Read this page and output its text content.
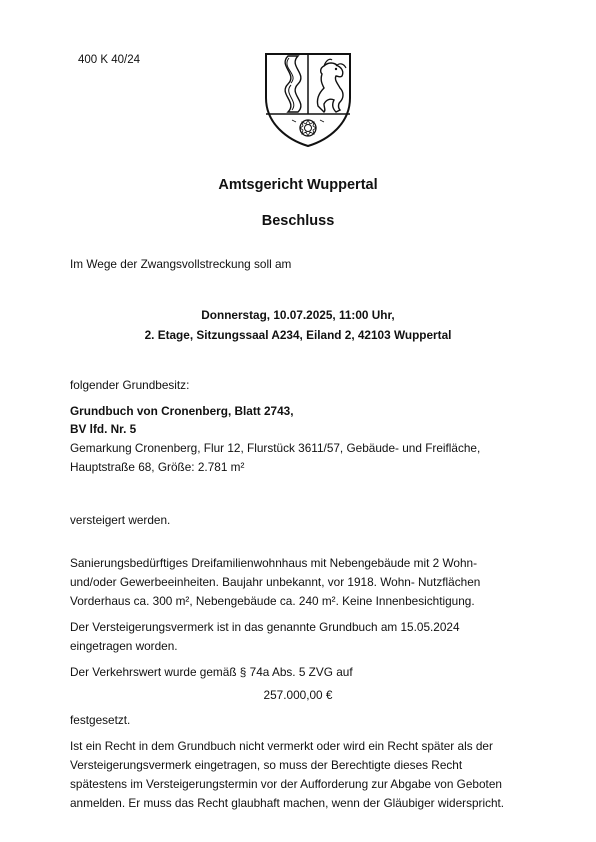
400 K 40/24
Amtsgericht Wuppertal
Beschluss
Im Wege der Zwangsvollstreckung soll am
Donnerstag, 10.07.2025, 11:00 Uhr,
2. Etage, Sitzungssaal A234, Eiland 2, 42103 Wuppertal
folgender Grundbesitz:
Grundbuch von Cronenberg, Blatt 2743,
BV lfd. Nr. 5
Gemarkung Cronenberg, Flur 12, Flurstück 3611/57, Gebäude- und Freifläche,
Hauptstraße 68, Größe: 2.781 m²
versteigert werden.
Sanierungsbedürftiges Dreifamilienwohnhaus mit Nebengebäude mit 2 Wohn-
und/oder Gewerbeeinheiten. Baujahr unbekannt, vor 1918. Wohn- Nutzflächen
Vorderhaus ca. 300 m², Nebengebäude ca. 240 m². Keine Innenbesichtigung.
Der Versteigerungsvermerk ist in das genannte Grundbuch am 15.05.2024
eingetragen worden.
Der Verkehrswert wurde gemäß § 74a Abs. 5 ZVG auf
257.000,00 €
festgesetzt.
Ist ein Recht in dem Grundbuch nicht vermerkt oder wird ein Recht später als der
Versteigerungsvermerk eingetragen, so muss der Berechtigte dieses Recht
spätestens im Versteigerungstermin vor der Aufforderung zur Abgabe von Geboten
anmelden. Er muss das Recht glaubhaft machen, wenn der Gläubiger widerspricht.
